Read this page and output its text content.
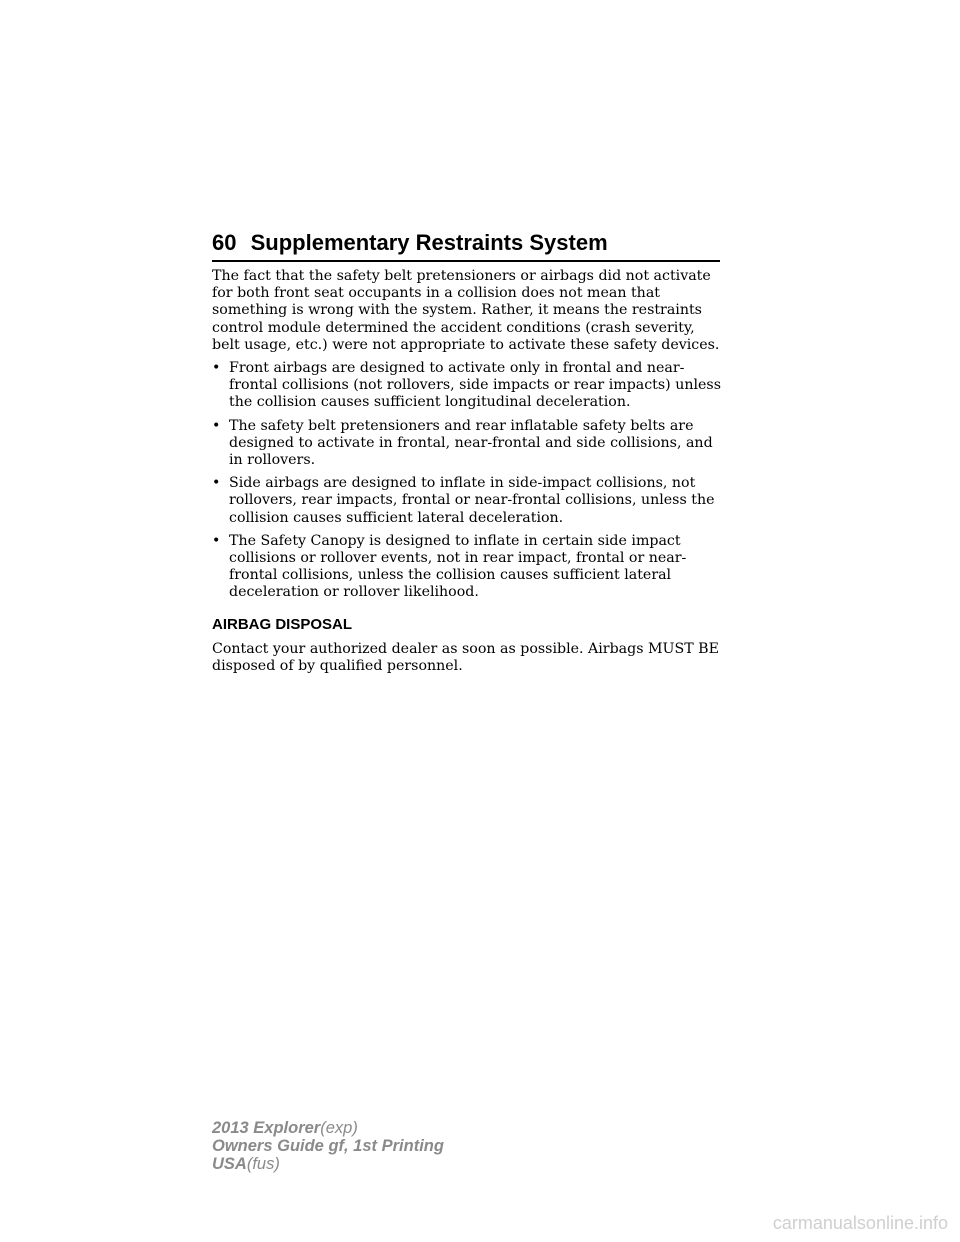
60 Supplementary Restraints System

The fact that the safety belt pretensioners or airbags did not activate for both front seat occupants in a collision does not mean that something is wrong with the system. Rather, it means the restraints control module determined the accident conditions (crash severity, belt usage, etc.) were not appropriate to activate these safety devices.

• Front airbags are designed to activate only in frontal and near-frontal collisions (not rollovers, side impacts or rear impacts) unless the collision causes sufficient longitudinal deceleration.
• The safety belt pretensioners and rear inflatable safety belts are designed to activate in frontal, near-frontal and side collisions, and in rollovers.
• Side airbags are designed to inflate in side-impact collisions, not rollovers, rear impacts, frontal or near-frontal collisions, unless the collision causes sufficient lateral deceleration.
• The Safety Canopy is designed to inflate in certain side impact collisions or rollover events, not in rear impact, frontal or near-frontal collisions, unless the collision causes sufficient lateral deceleration or rollover likelihood.
AIRBAG DISPOSAL

Contact your authorized dealer as soon as possible. Airbags MUST BE disposed of by qualified personnel.

2013 Explorer(exp)
Owners Guide gf, 1st Printing
USA(fus)
carmanualsonline.info
